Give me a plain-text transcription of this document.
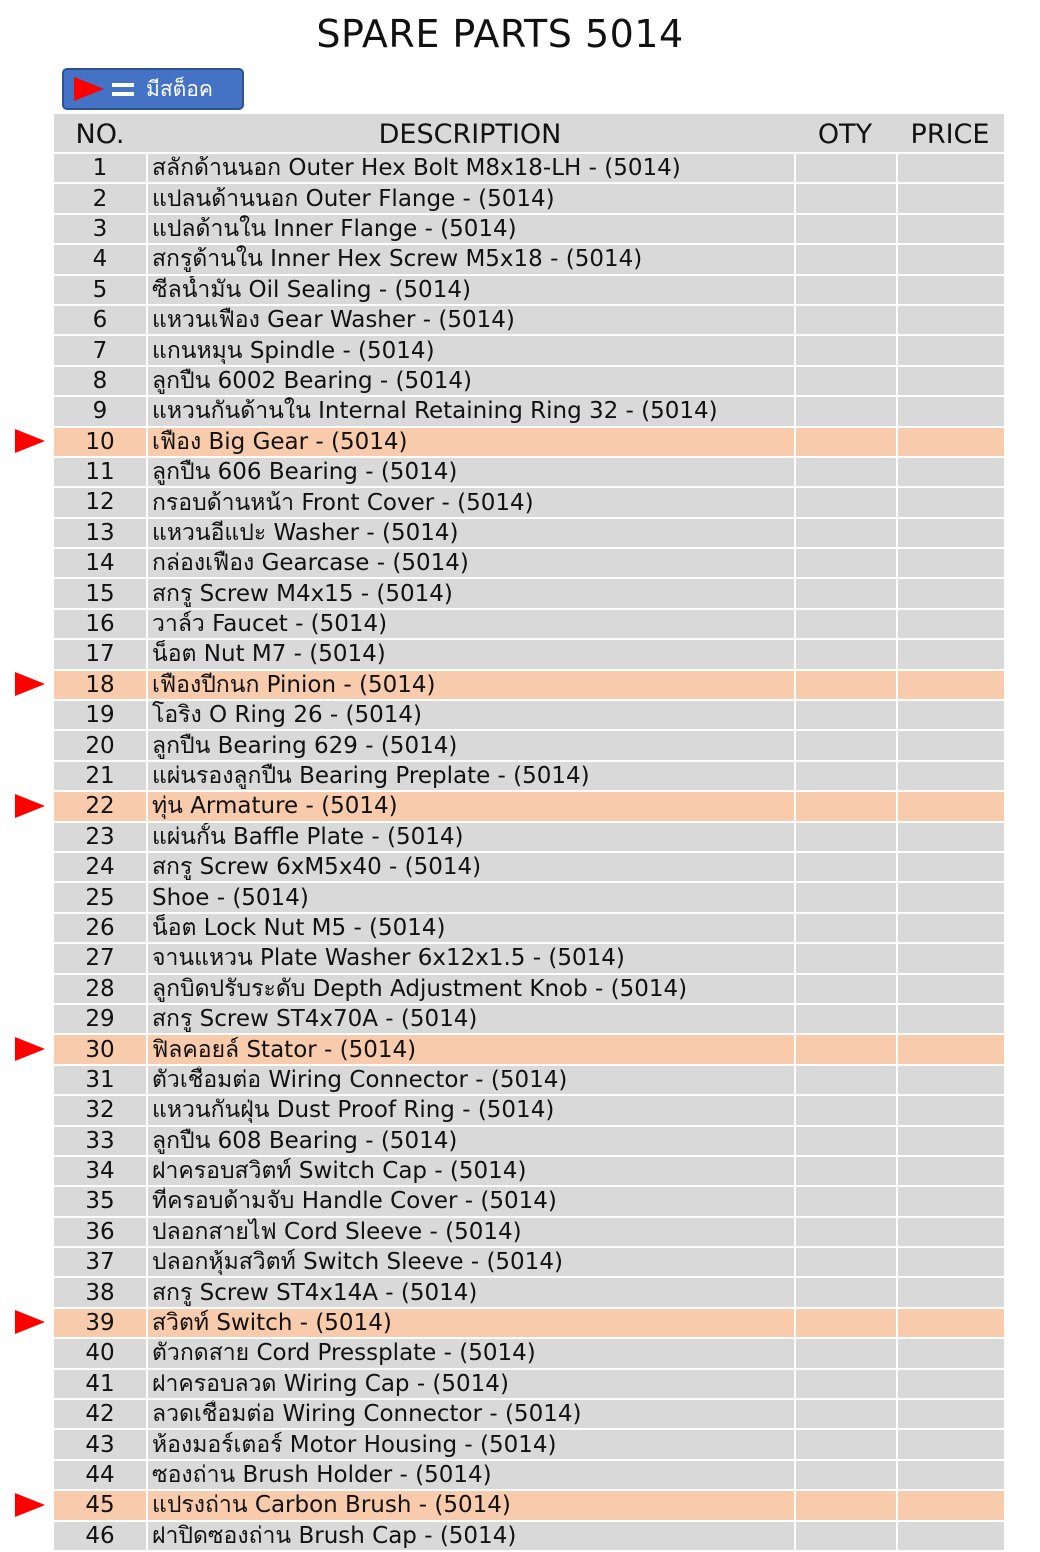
SPARE PARTS 5014
มีสต็อค
NO.	DESCRIPTION	OTY	PRICE
1	สลักด้านนอก Outer Hex Bolt M8x18-LH - (5014)
2	แปลนด้านนอก Outer Flange - (5014)
3	แปลด้านใน Inner Flange - (5014)
4	สกรูด้านใน Inner Hex Screw M5x18 - (5014)
5	ซีลน้ำมัน Oil Sealing - (5014)
6	แหวนเฟือง Gear Washer - (5014)
7	แกนหมุน Spindle - (5014)
8	ลูกปืน 6002 Bearing - (5014)
9	แหวนกันด้านใน Internal Retaining Ring 32 - (5014)
10	เฟือง Big Gear - (5014)
11	ลูกปืน 606 Bearing - (5014)
12	กรอบด้านหน้า Front Cover - (5014)
13	แหวนอีแปะ Washer - (5014)
14	กล่องเฟือง Gearcase - (5014)
15	สกรู Screw M4x15 - (5014)
16	วาล์ว Faucet - (5014)
17	น็อต Nut M7 - (5014)
18	เฟืองปีกนก Pinion - (5014)
19	โอริง O Ring 26 - (5014)
20	ลูกปืน Bearing 629 - (5014)
21	แผ่นรองลูกปืน Bearing Preplate - (5014)
22	ทุ่น Armature - (5014)
23	แผ่นกั้น Baffle Plate - (5014)
24	สกรู Screw 6xM5x40 - (5014)
25	Shoe - (5014)
26	น็อต Lock Nut M5 - (5014)
27	จานแหวน Plate Washer 6x12x1.5 - (5014)
28	ลูกบิดปรับระดับ Depth Adjustment Knob - (5014)
29	สกรู Screw ST4x70A - (5014)
30	ฟิลคอยล์ Stator - (5014)
31	ตัวเชื่อมต่อ Wiring Connector - (5014)
32	แหวนกันฝุ่น Dust Proof Ring - (5014)
33	ลูกปืน 608 Bearing - (5014)
34	ฝาครอบสวิตท์ Switch Cap - (5014)
35	ที่ครอบด้ามจับ Handle Cover - (5014)
36	ปลอกสายไฟ Cord Sleeve - (5014)
37	ปลอกหุ้มสวิตท์ Switch Sleeve - (5014)
38	สกรู Screw ST4x14A - (5014)
39	สวิตท์ Switch - (5014)
40	ตัวกดสาย Cord Pressplate - (5014)
41	ฝาครอบลวด Wiring Cap - (5014)
42	ลวดเชื่อมต่อ Wiring Connector - (5014)
43	ห้องมอร์เตอร์ Motor Housing - (5014)
44	ซองถ่าน Brush Holder - (5014)
45	แปรงถ่าน Carbon Brush - (5014)
46	ฝาปิดซองถ่าน Brush Cap - (5014)
